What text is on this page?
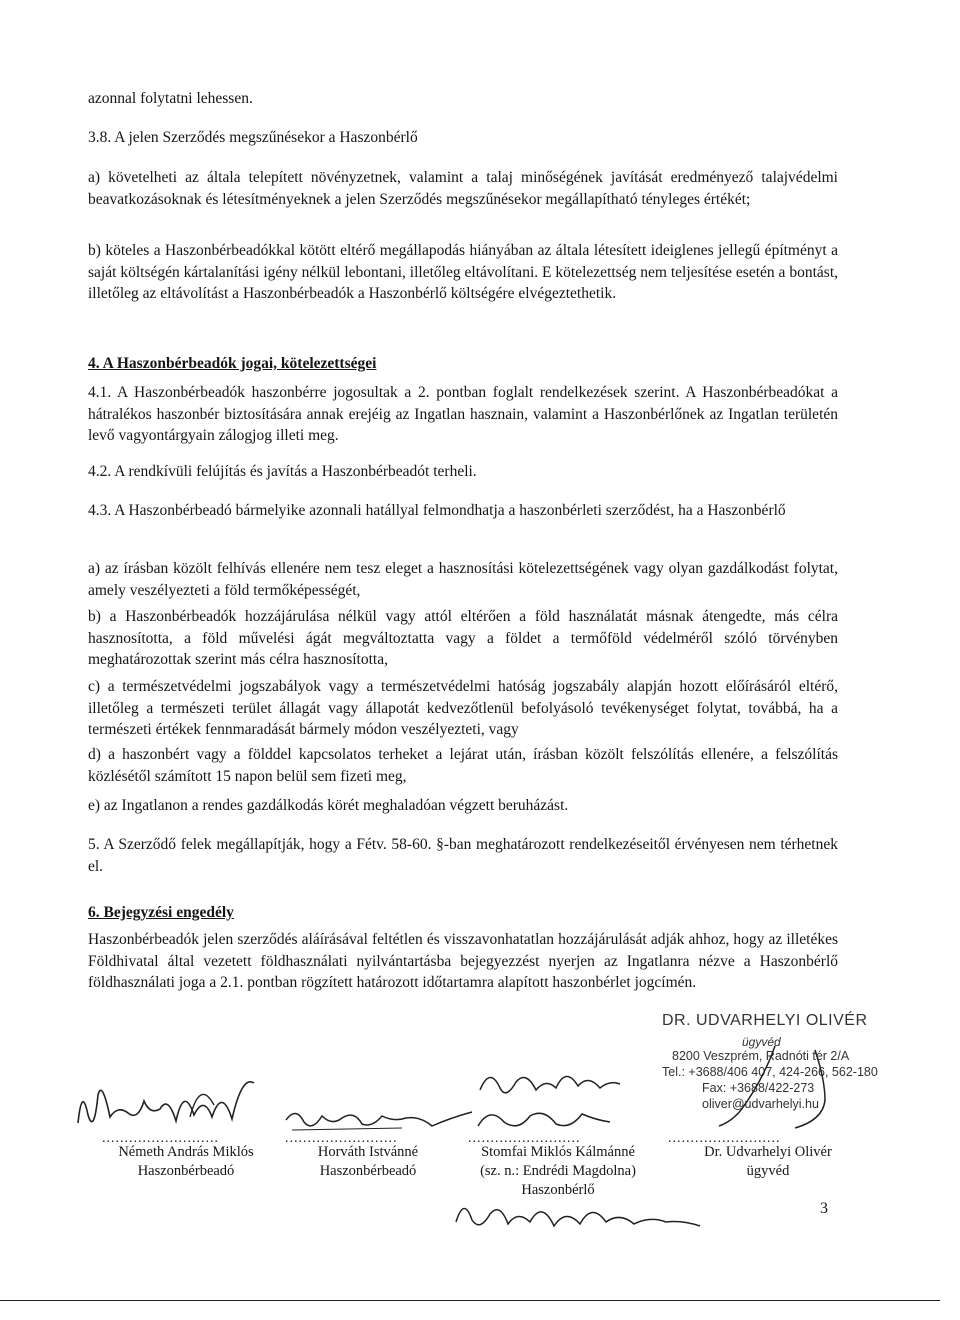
azonnal folytatni lehessen.
3.8. A jelen Szerződés megszűnésekor a Haszonbérlő
a) követelheti az általa telepített növényzetnek, valamint a talaj minőségének javítását eredményező talajvédelmi beavatkozásoknak és létesítményeknek a jelen Szerződés megszűnésekor megállapítható tényleges értékét;
b) köteles a Haszonbérbeadókkal kötött eltérő megállapodás hiányában az általa létesített ideiglenes jellegű építményt a saját költségén kártalanítási igény nélkül lebontani, illetőleg eltávolítani. E kötelezettség nem teljesítése esetén a bontást, illetőleg az eltávolítást a Haszonbérbeadók a Haszonbérlő költségére elvégeztethetik.
4. A Haszonbérbeadók jogai, kötelezettségei
4.1. A Haszonbérbeadók haszonbérre jogosultak a 2. pontban foglalt rendelkezések szerint. A Haszonbérbeadókat a hátralékos haszonbér biztosítására annak erejéig az Ingatlan hasznain, valamint a Haszonbérlőnek az Ingatlan területén levő vagyontárgyain zálogjog illeti meg.
4.2. A rendkívüli felújítás és javítás a Haszonbérbeadót terheli.
4.3. A Haszonbérbeadó bármelyike azonnali hatállyal felmondhatja a haszonbérleti szerződést, ha a Haszonbérlő
a) az írásban közölt felhívás ellenére nem tesz eleget a hasznosítási kötelezettségének vagy olyan gazdálkodást folytat, amely veszélyezteti a föld termőképességét,
b) a Haszonbérbeadók hozzájárulása nélkül vagy attól eltérően a föld használatát másnak átengedte, más célra hasznosította, a föld művelési ágát megváltoztatta vagy a földet a termőföld védelméről szóló törvényben meghatározottak szerint más célra hasznosította,
c) a természetvédelmi jogszabályok vagy a természetvédelmi hatóság jogszabály alapján hozott előírásáról eltérő, illetőleg a természeti terület állagát vagy állapotát kedvezőtlenül befolyásoló tevékenységet folytat, továbbá, ha a természeti értékek fennmaradását bármely módon veszélyezteti, vagy
d) a haszonbért vagy a földdel kapcsolatos terheket a lejárat után, írásban közölt felszólítás ellenére, a felszólítás közlésétől számított 15 napon belül sem fizeti meg,
e) az Ingatlanon a rendes gazdálkodás körét meghaladóan végzett beruházást.
5. A Szerződő felek megállapítják, hogy a Fétv. 58-60. §-ban meghatározott rendelkezéseitől érvényesen nem térhetnek el.
6. Bejegyzési engedély
Haszonbérbeadók jelen szerződés aláírásával feltétlen és visszavonhatatlan hozzájárulását adják ahhoz, hogy az illetékes Földhivatal által vezetett földhasználati nyilvántartásba bejegyezzést nyerjen az Ingatlanra nézve a Haszonbérlő földhasználati joga a 2.1. pontban rögzített határozott időtartamra alapított haszonbérlet jogcímén.
DR. UDVARHELYI OLIVÉR
ügyvéd
8200 Veszprém, Radnóti tér 2/A
Tel.: +3688/406 407, 424-266, 562-180
Fax: +3688/422-273
oliver@udvarhelyi.hu
..........................	.........................	.........................	.........................
Németh András Miklós
Haszonbérbeadó
Horváth Istvánné
Haszonbérbeadó
Stomfai Miklós Kálmánné
(sz. n.: Endrédi Magdolna)
Haszonbérlő
Dr. Udvarhelyi Olivér
ügyvéd
3
